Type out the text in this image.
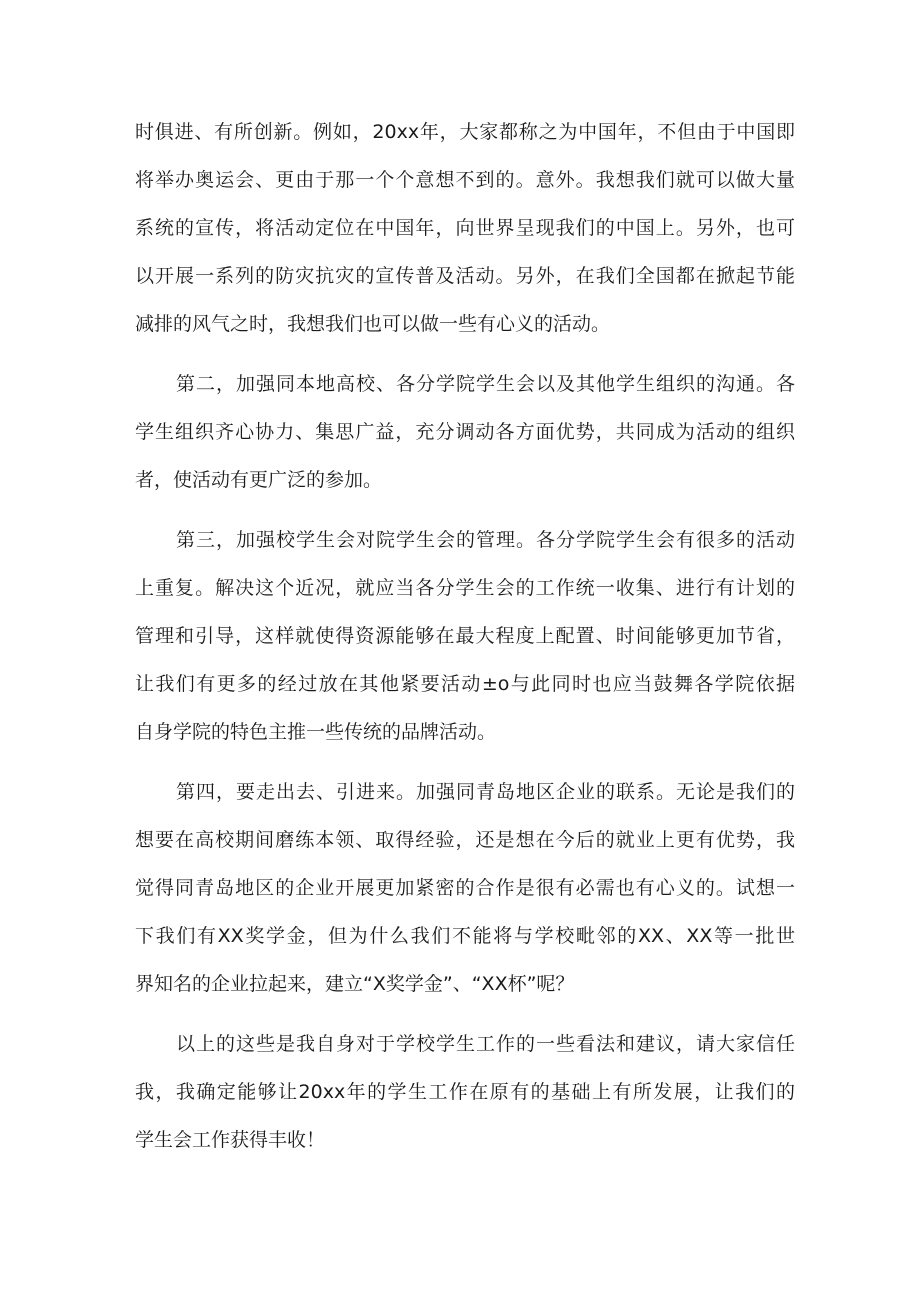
时俱进、有所创新。例如，20xx年，大家都称之为中国年，不但由于中国即
将举办奥运会、更由于那一个个意想不到的。意外。我想我们就可以做大量
系统的宣传，将活动定位在中国年，向世界呈现我们的中国上。另外，也可
以开展一系列的防灾抗灾的宣传普及活动。另外，在我们全国都在掀起节能
减排的风气之时，我想我们也可以做一些有心义的活动。
第二，加强同本地高校、各分学院学生会以及其他学生组织的沟通。各
学生组织齐心协力、集思广益，充分调动各方面优势，共同成为活动的组织
者，使活动有更广泛的参加。
第三，加强校学生会对院学生会的管理。各分学院学生会有很多的活动
上重复。解决这个近况，就应当各分学生会的工作统一收集、进行有计划的
管理和引导，这样就使得资源能够在最大程度上配置、时间能够更加节省，
让我们有更多的经过放在其他紧要活动±o与此同时也应当鼓舞各学院依据
自身学院的特色主推一些传统的品牌活动。
第四，要走出去、引进来。加强同青岛地区企业的联系。无论是我们的
想要在高校期间磨练本领、取得经验，还是想在今后的就业上更有优势，我
觉得同青岛地区的企业开展更加紧密的合作是很有必需也有心义的。试想一
下我们有XX奖学金，但为什么我们不能将与学校毗邻的XX、XX等一批世
界知名的企业拉起来，建立“X奖学金”、“XX杯”呢？
以上的这些是我自身对于学校学生工作的一些看法和建议，请大家信任
我，我确定能够让20xx年的学生工作在原有的基础上有所发展，让我们的
学生会工作获得丰收！
